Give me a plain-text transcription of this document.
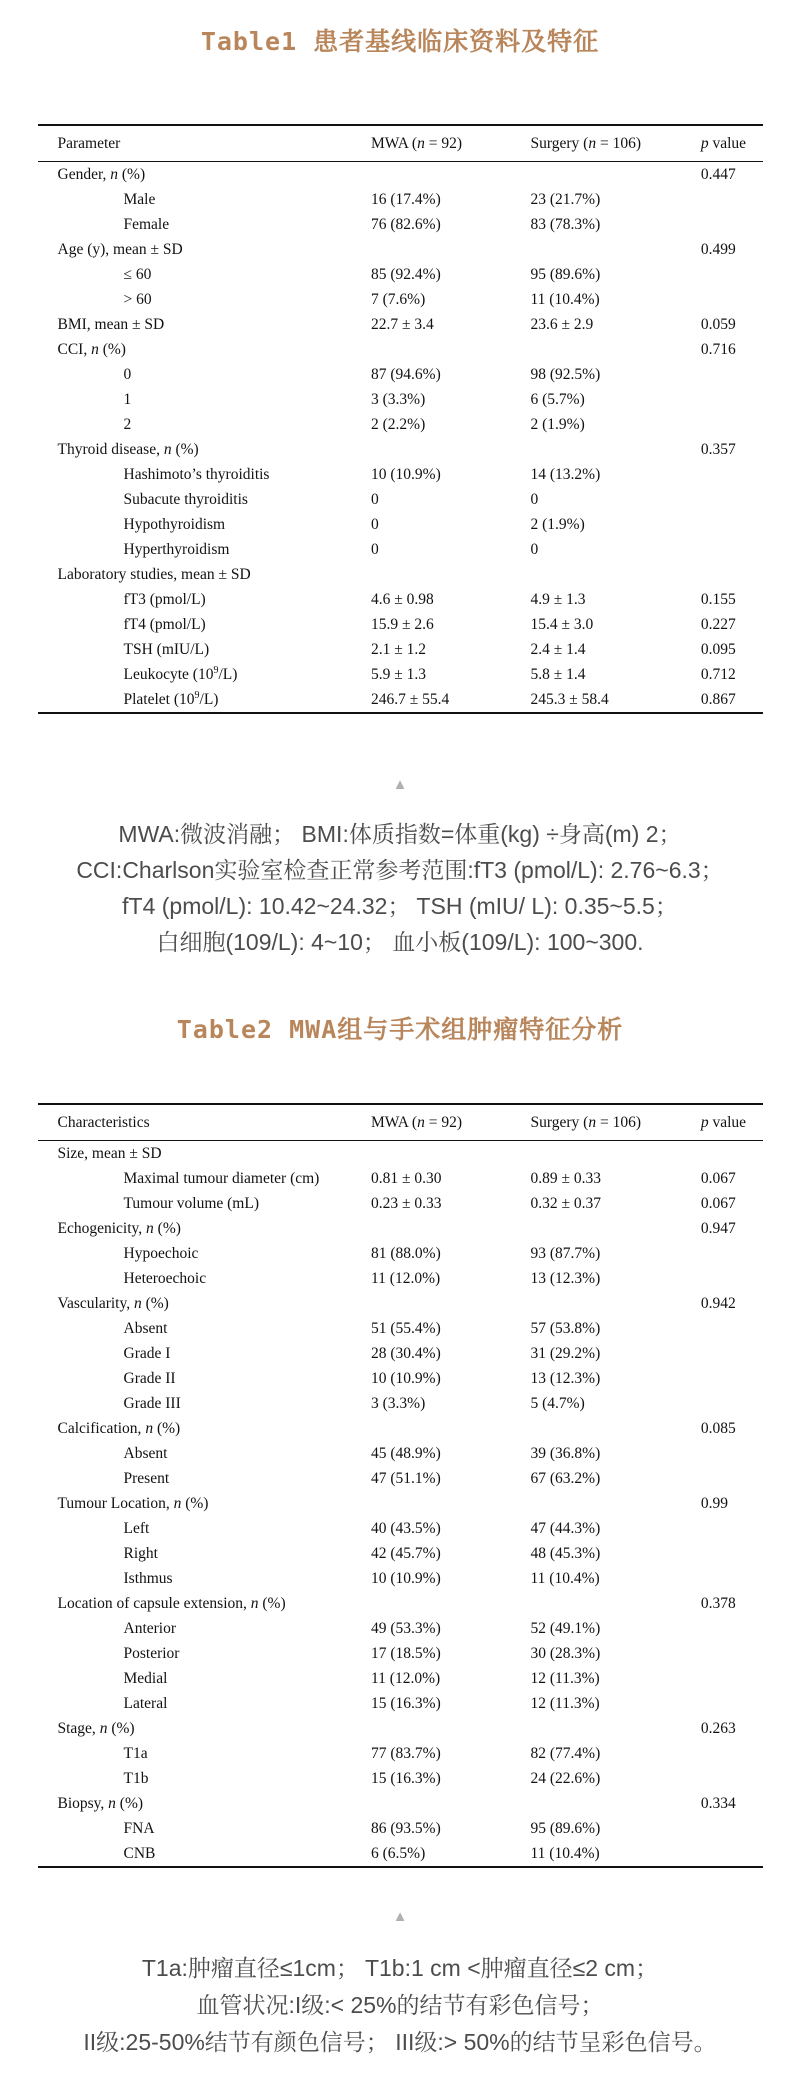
Table1 患者基线临床资料及特征
Parameter	MWA (n = 92)	Surgery (n = 106)	p value
Gender, n (%)			0.447
Male	16 (17.4%)	23 (21.7%)	
Female	76 (82.6%)	83 (78.3%)	
Age (y), mean ± SD			0.499
≤ 60	85 (92.4%)	95 (89.6%)	
> 60	7 (7.6%)	11 (10.4%)	
BMI, mean ± SD	22.7 ± 3.4	23.6 ± 2.9	0.059
CCI, n (%)			0.716
0	87 (94.6%)	98 (92.5%)	
1	3 (3.3%)	6 (5.7%)	
2	2 (2.2%)	2 (1.9%)	
Thyroid disease, n (%)			0.357
Hashimoto’s thyroiditis	10 (10.9%)	14 (13.2%)	
Subacute thyroiditis	0	0	
Hypothyroidism	0	2 (1.9%)	
Hyperthyroidism	0	0	
Laboratory studies, mean ± SD			
fT3 (pmol/L)	4.6 ± 0.98	4.9 ± 1.3	0.155
fT4 (pmol/L)	15.9 ± 2.6	15.4 ± 3.0	0.227
TSH (mIU/L)	2.1 ± 1.2	2.4 ± 1.4	0.095
Leukocyte $(10^9/L)$	5.9 ± 1.3	5.8 ± 1.4	0.712
Platelet $(10^9/L)$	246.7 ± 55.4	245.3 ± 58.4	0.867
▲

MWA:微波消融； BMI:体质指数=体重(kg) ÷身高(m) 2；

CCI:Charlson实验室检查正常参考范围:fT3 (pmol/L): 2.76~6.3；

fT4 (pmol/L): 10.42~24.32； TSH (mIU/ L): 0.35~5.5；

白细胞(109/L): 4~10； 血小板(109/L): 100~300.

Table2 MWA组与手术组肿瘤特征分析
Characteristics	MWA (n = 92)	Surgery (n = 106)	p value
Size, mean ± SD			
Maximal tumour diameter (cm)	0.81 ± 0.30	0.89 ± 0.33	0.067
Tumour volume (mL)	0.23 ± 0.33	0.32 ± 0.37	0.067
Echogenicity, n (%)			0.947
Hypoechoic	81 (88.0%)	93 (87.7%)	
Heteroechoic	11 (12.0%)	13 (12.3%)	
Vascularity, n (%)			0.942
Absent	51 (55.4%)	57 (53.8%)	
Grade I	28 (30.4%)	31 (29.2%)	
Grade II	10 (10.9%)	13 (12.3%)	
Grade III	3 (3.3%)	5 (4.7%)	
Calcification, n (%)			0.085
Absent	45 (48.9%)	39 (36.8%)	
Present	47 (51.1%)	67 (63.2%)	
Tumour Location, n (%)			0.99
Left	40 (43.5%)	47 (44.3%)	
Right	42 (45.7%)	48 (45.3%)	
Isthmus	10 (10.9%)	11 (10.4%)	
Location of capsule extension, n (%)			0.378
Anterior	49 (53.3%)	52 (49.1%)	
Posterior	17 (18.5%)	30 (28.3%)	
Medial	11 (12.0%)	12 (11.3%)	
Lateral	15 (16.3%)	12 (11.3%)	
Stage, n (%)			0.263
T1a	77 (83.7%)	82 (77.4%)	
T1b	15 (16.3%)	24 (22.6%)	
Biopsy, n (%)			0.334
FNA	86 (93.5%)	95 (89.6%)	
CNB	6 (6.5%)	11 (10.4%)	
▲

T1a:肿瘤直径≤1cm； T1b:1 cm <肿瘤直径≤2 cm；

血管状况:I级:< 25%的结节有彩色信号；

II级:25-50%结节有颜色信号； III级:> 50%的结节呈彩色信号。
